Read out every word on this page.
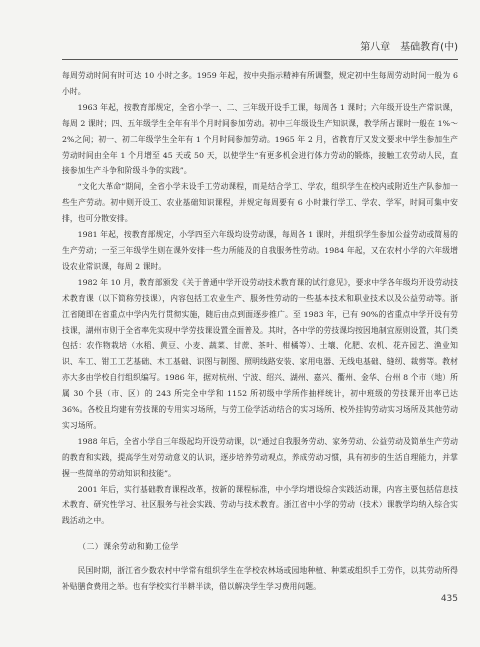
第八章　基础教育(中)

每周劳动时间有时可达 10 小时之多。1959 年起，按中央指示精神有所调整，规定初中生每周劳动时间一般为 6 小时。

1963 年起，按教育部规定，全省小学一、二、三年级开设手工课，每周各 1 课时；六年级开设生产常识课，每周 2 课时；四、五年级学生全年有半个月时间参加劳动。初中三年级设生产知识课，教学所占课时一般在 1%～2%之间；初一、初二年级学生全年有 1 个月时间参加劳动。1965 年 2 月，省教育厅又发文要求中学生参加生产劳动时间由全年 1 个月增至 45 天或 50 天，以使学生“有更多机会进行体力劳动的锻炼，接触工农劳动人民，直接参加生产斗争和阶级斗争的实践”。

“文化大革命”期间，全省小学未设手工劳动课程，而是结合学工、学农，组织学生在校内或附近生产队参加一些生产劳动。初中则开设工、农业基础知识课程，并规定每周要有 6 小时兼行学工、学农、学军，时间可集中安排，也可分散安排。

1981 年起，按教育部规定，小学四至六年级均设劳动课，每周各 1 课时，并组织学生参加公益劳动或简易的生产劳动；一至三年级学生则在课外安排一些力所能及的自我服务性劳动。1984 年起，又在农村小学的六年级增设农业常识课，每周 2 课时。

1982 年 10 月，教育部颁发《关于普通中学开设劳动技术教育课的试行意见》，要求中学各年级均开设劳动技术教育课（以下简称劳技课），内容包括工农业生产、服务性劳动的一些基本技术和职业技术以及公益劳动等。浙江省随即在省重点中学内先行贯彻实施，随后由点到面逐步推广。至 1983 年，已有 90%的省重点中学开设有劳技课，湖州市则于全省率先实现中学劳技课设置全面普及。其时，各中学的劳技课均按因地制宜原则设置，其门类包括：农作物栽培（水稻、黄豆、小麦、蔬菜、甘蔗、茶叶、柑橘等）、土壤、化肥、农机、花卉园艺、渔业知识、车工、钳工工艺基础、木工基础、识图与制图、照明线路安装、家用电器、无线电基础、缝纫、裁剪等。教材亦大多由学校自行组织编写。1986 年，据对杭州、宁波、绍兴、湖州、嘉兴、衢州、金华、台州 8 个市（地）所属 30 个县（市、区）的 243 所完全中学和 1152 所初级中学所作抽样统计，初中班级的劳技课开出率已达 36%。各校且均建有劳技课的专用实习场所，与劳工俭学活动结合的实习场所、校外挂钩劳动实习场所及其他劳动实习场所。

1988 年后，全省小学自三年级起均开设劳动课，以“通过自我服务劳动、家务劳动、公益劳动及简单生产劳动的教育和实践，提高学生对劳动意义的认识，逐步培养劳动观点，养成劳动习惯，具有初步的生活自理能力，并掌握一些简单的劳动知识和技能”。

2001 年后，实行基础教育课程改革，按新的课程标准，中小学均增设综合实践活动课，内容主要包括信息技术教育、研究性学习、社区服务与社会实践、劳动与技术教育。浙江省中小学的劳动（技术）课教学均纳入综合实践活动之中。

（二）课余劳动和勤工俭学

民国时期，浙江省少数农村中学常有组织学生在学校农林场或园地种植、种菜或组织手工劳作，以其劳动所得补贴膳食费用之举。也有学校实行半耕半读，借以解决学生学习费用问题。

435
